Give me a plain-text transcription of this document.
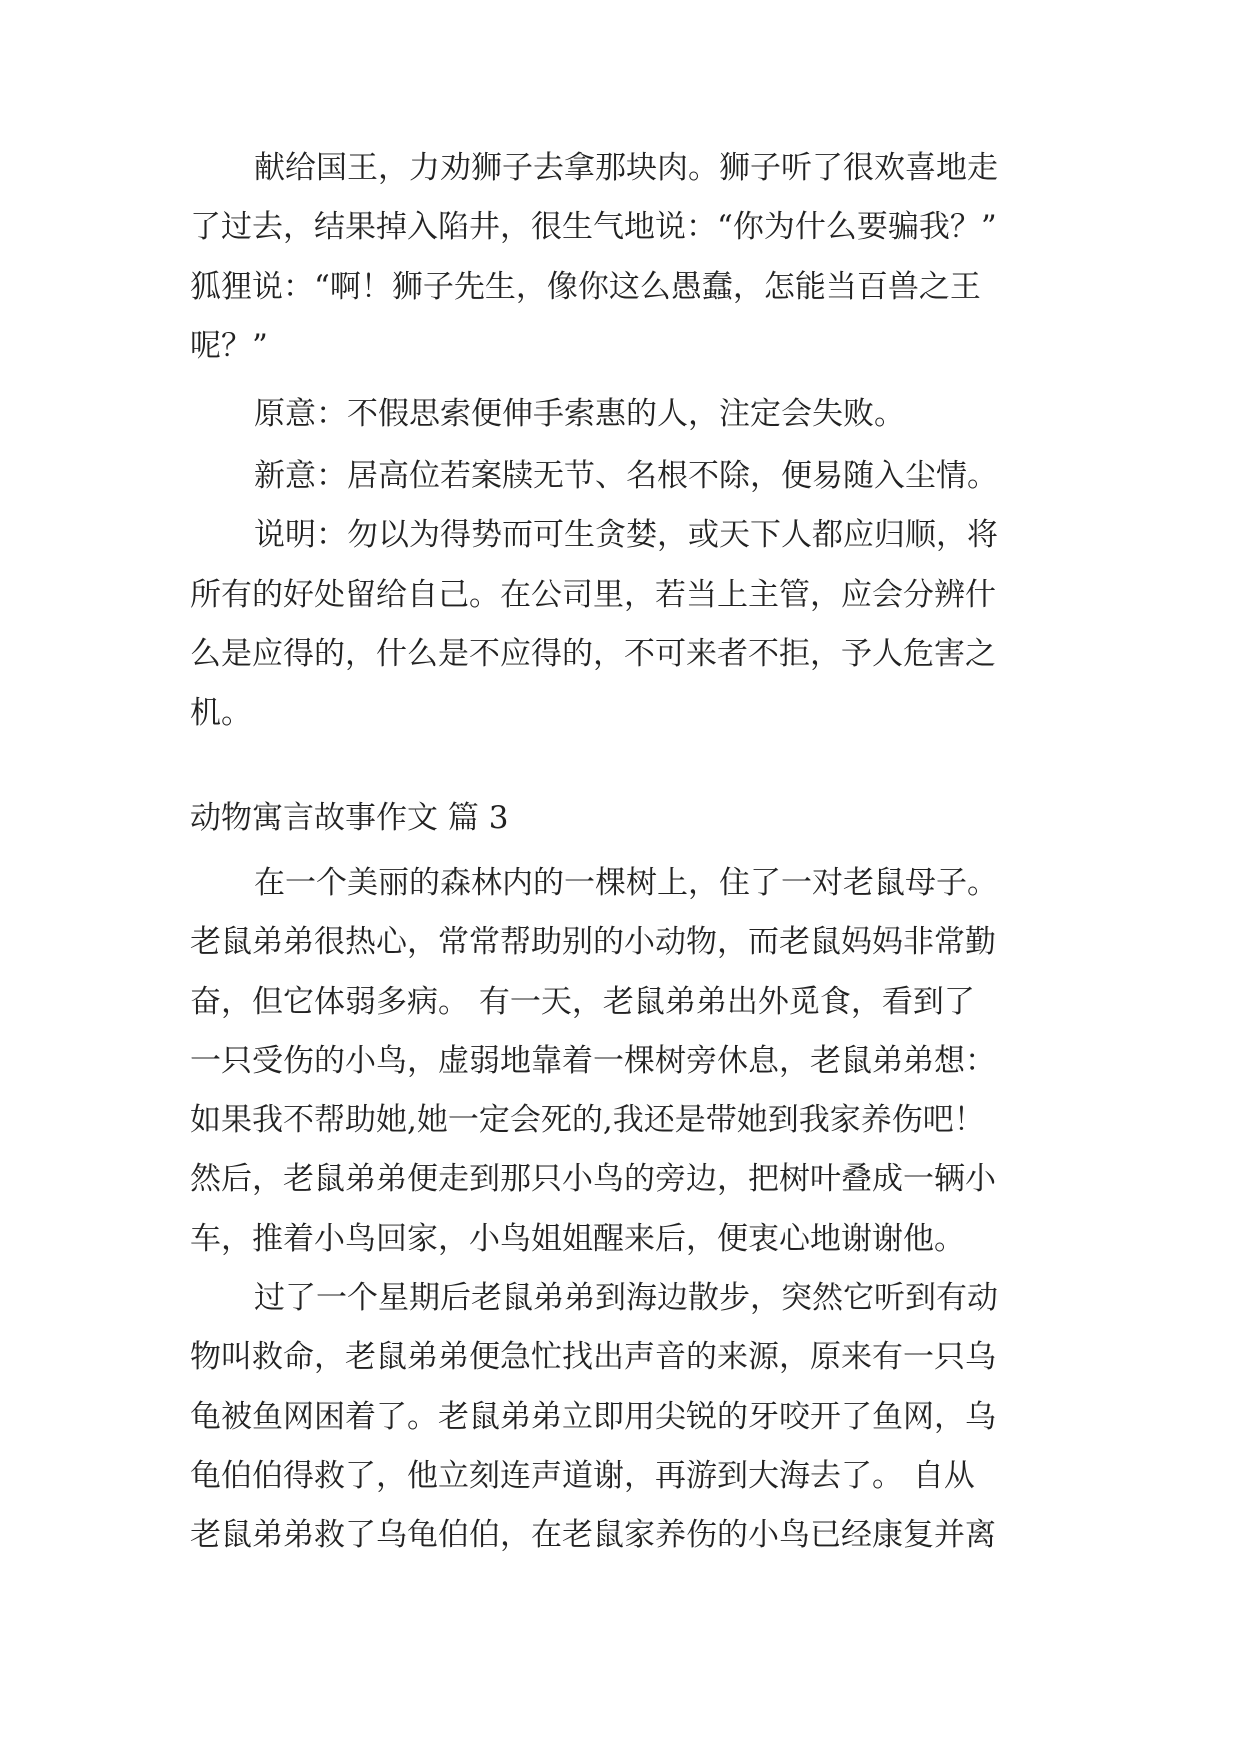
献给国王，力劝狮子去拿那块肉。狮子听了很欢喜地走
了过去，结果掉入陷井，很生气地说：“你为什么要骗我？”
狐狸说：“啊！狮子先生，像你这么愚蠢，怎能当百兽之王
呢？”
原意：不假思索便伸手索惠的人，注定会失败。
新意：居高位若案牍无节、名根不除，便易随入尘情。
说明：勿以为得势而可生贪婪，或天下人都应归顺，将
所有的好处留给自己。在公司里，若当上主管，应会分辨什
么是应得的，什么是不应得的，不可来者不拒，予人危害之
机。
动物寓言故事作文 篇 3
在一个美丽的森林内的一棵树上，住了一对老鼠母子。
老鼠弟弟很热心，常常帮助别的小动物，而老鼠妈妈非常勤
奋，但它体弱多病。 有一天，老鼠弟弟出外觅食，看到了
一只受伤的小鸟，虚弱地靠着一棵树旁休息，老鼠弟弟想：
如果我不帮助她,她一定会死的,我还是带她到我家养伤吧！
然后，老鼠弟弟便走到那只小鸟的旁边，把树叶叠成一辆小
车，推着小鸟回家，小鸟姐姐醒来后，便衷心地谢谢他。
过了一个星期后老鼠弟弟到海边散步，突然它听到有动
物叫救命，老鼠弟弟便急忙找出声音的来源，原来有一只乌
龟被鱼网困着了。老鼠弟弟立即用尖锐的牙咬开了鱼网，乌
龟伯伯得救了，他立刻连声道谢，再游到大海去了。 自从
老鼠弟弟救了乌龟伯伯，在老鼠家养伤的小鸟已经康复并离
